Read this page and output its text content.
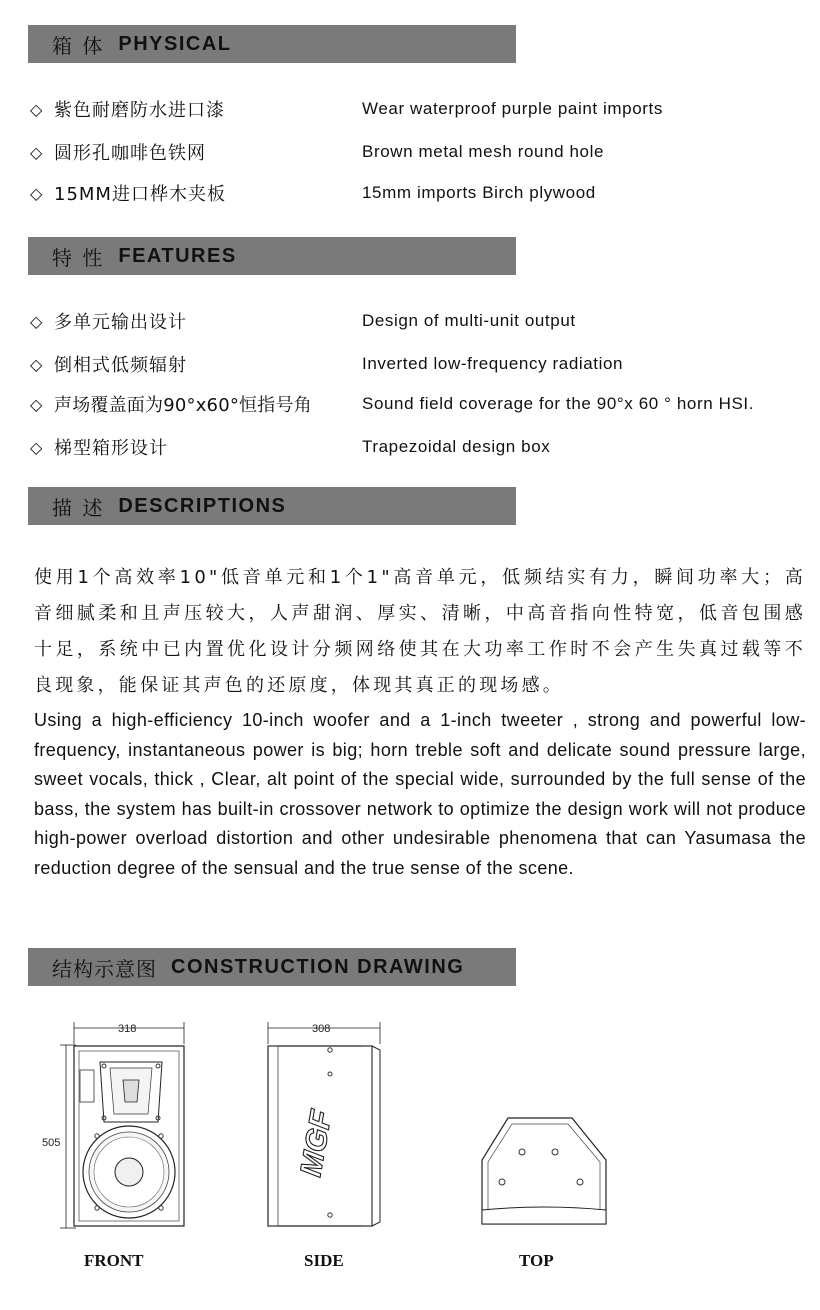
箱 体 PHYSICAL
◇ 紫色耐磨防水进口漆	Wear waterproof purple paint imports
◇ 圆形孔咖啡色铁网	Brown metal mesh round hole
◇ 15MM进口桦木夹板	15mm imports Birch plywood
特 性 FEATURES
◇ 多单元输出设计	Design of multi-unit output
◇ 倒相式低频辐射	Inverted low-frequency radiation
◇ 声场覆盖面为90°x60°恒指号角	Sound field coverage for the 90°x 60 ° horn HSI.
◇ 梯型箱形设计	Trapezoidal design box
描 述 DESCRIPTIONS
使用1个高效率10"低音单元和1个1"高音单元，低频结实有力，瞬间功率大；高音细腻柔和且声压较大，人声甜润、厚实、清晰，中高音指向性特宽，低音包围感十足，系统中已内置优化设计分频网络使其在大功率工作时不会产生失真过载等不良现象，能保证其声色的还原度，体现其真正的现场感。
Using a high-efficiency 10-inch woofer and a 1-inch tweeter , strong and powerful low-frequency, instantaneous power is big; horn treble soft and delicate sound pressure large, sweet vocals, thick , Clear, alt point of the special wide, surrounded by the full sense of the bass, the system has built-in crossover network to optimize the design work will not produce high-power overload distortion and other undesirable phenomena that can Yasumasa the reduction degree of the sensual and the true sense of the scene.
结构示意图 CONSTRUCTION DRAWING
318
505
308
MGF
FRONT	SIDE	TOP
